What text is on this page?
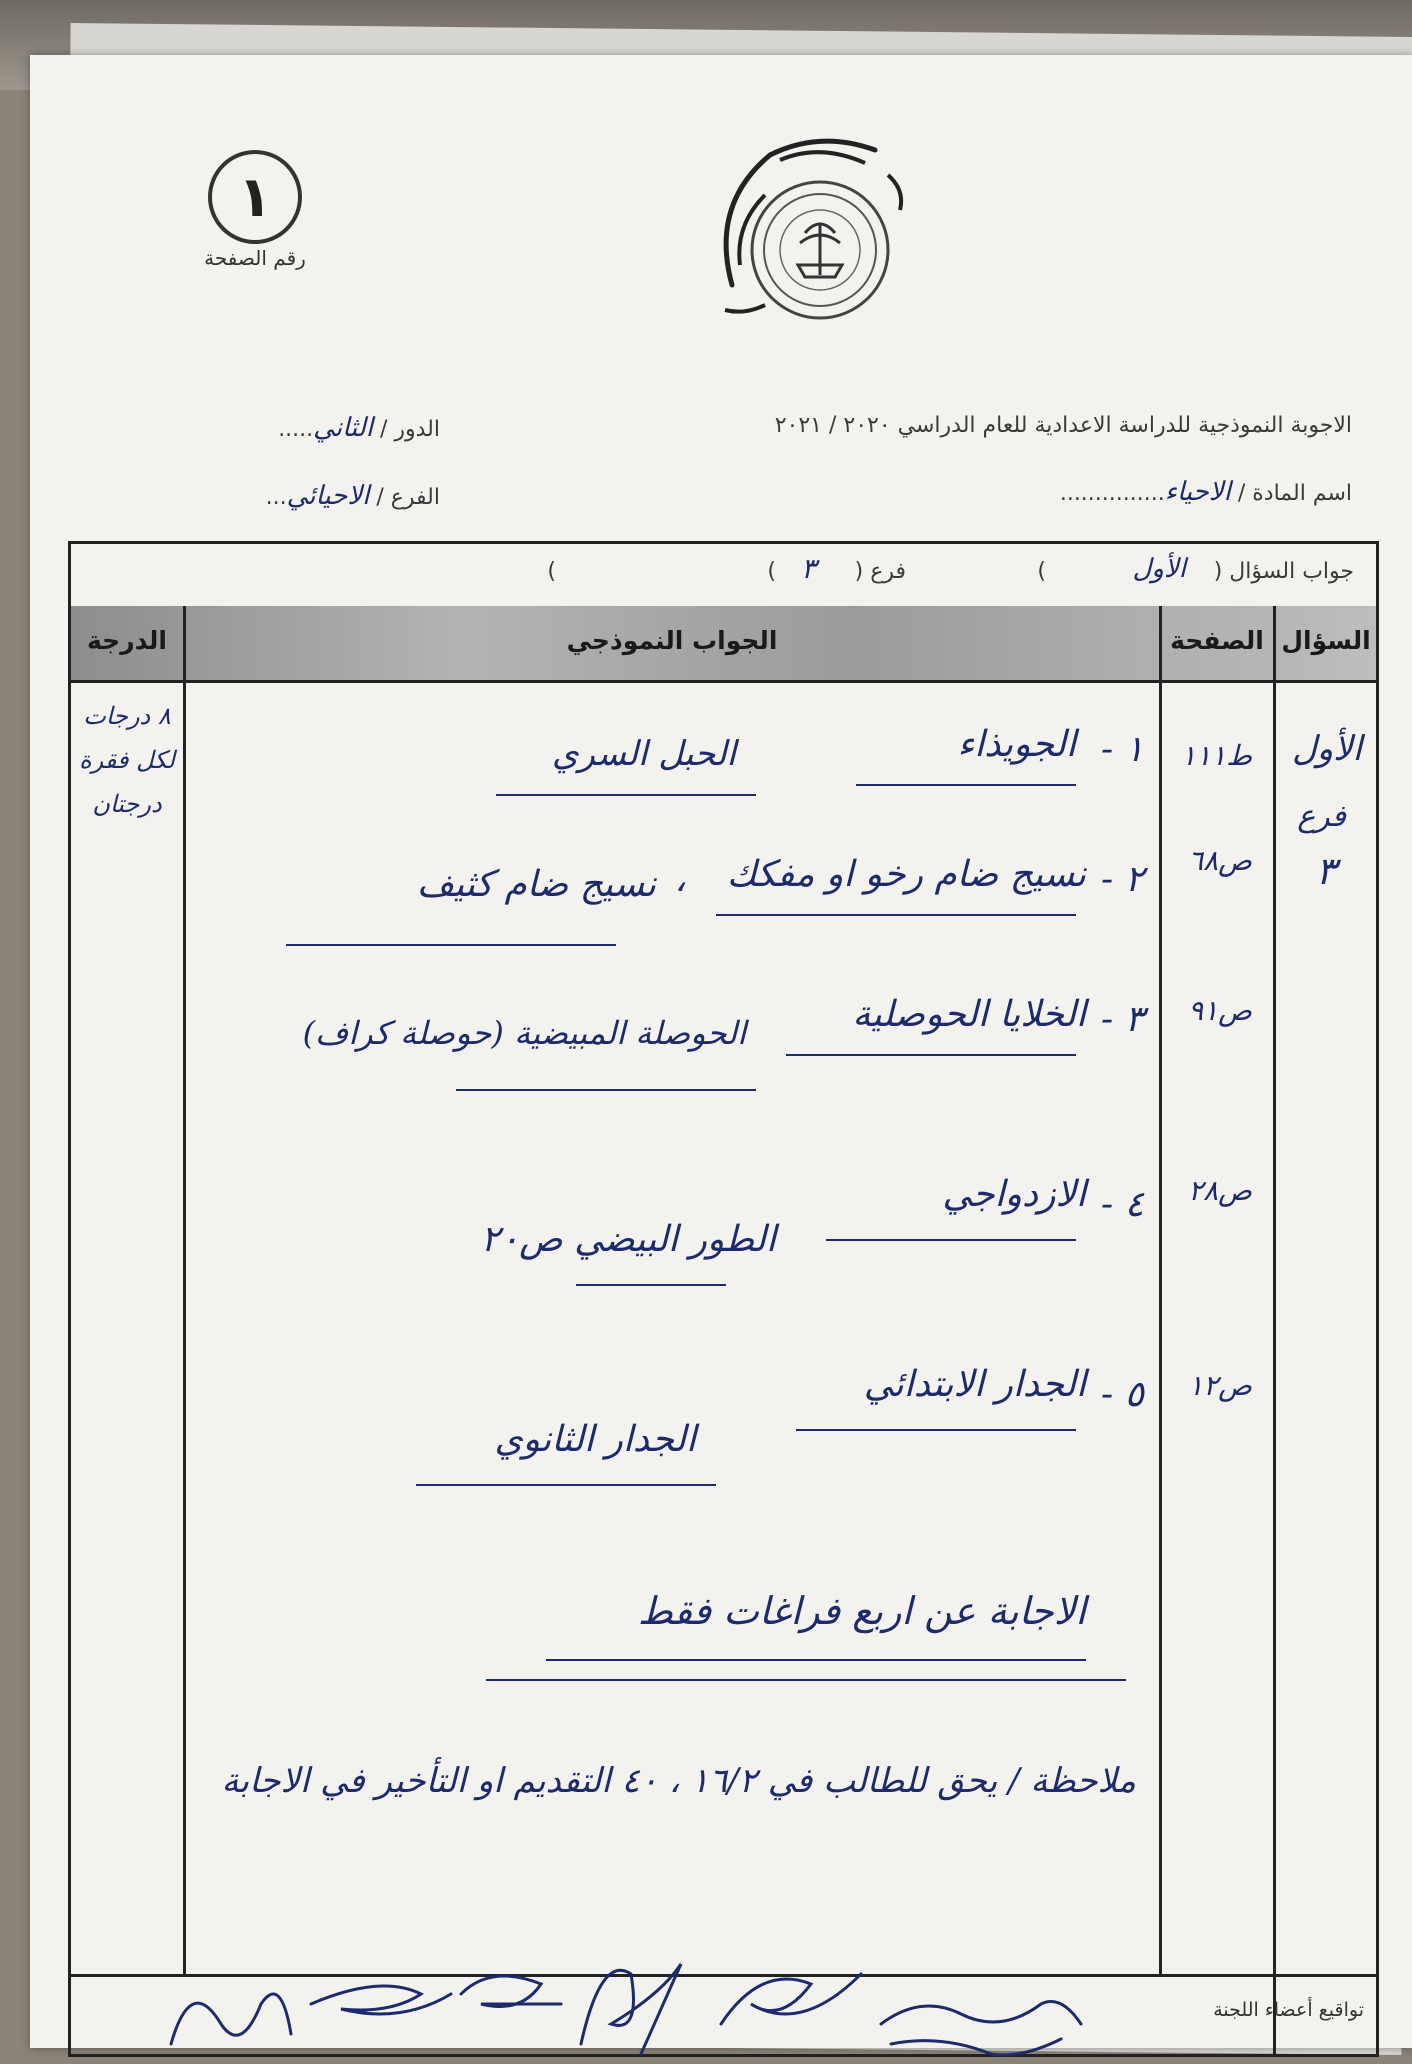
١
رقم الصفحة
الاجوبة النموذجية للدراسة الاعدادية للعام الدراسي ٢٠٢٠ / ٢٠٢١
اسم المادة / الاحياء...............
الدور / الثاني.....
الفرع / الاحيائي...
جواب السؤال (
الأول
)
فرع (
٣
)
)
السؤال
الصفحة
الجواب النموذجي
الدرجة
تواقيع أعضاء اللجنة
الأول
فرع
٣
٨ درجات لكل فقرة درجتان
ط١١١
ص٦٨
ص٩١
ص٢٨
ص١٢
١ -
الجويذاء
الحبل السري
٢ -
نسيج ضام رخو او مفكك
،
نسيج ضام كثيف
٣ -
الخلايا الحوصلية
الحوصلة المبيضية (حوصلة كراف)
٤ -
الازدواجي
الطور البيضي ص٢٠
٥ -
الجدار الابتدائي
الجدار الثانوي
الاجابة عن اربع فراغات فقط
ملاحظة / يحق للطالب في ١٦/٢ ، ٤٠ التقديم او التأخير في الاجابة
